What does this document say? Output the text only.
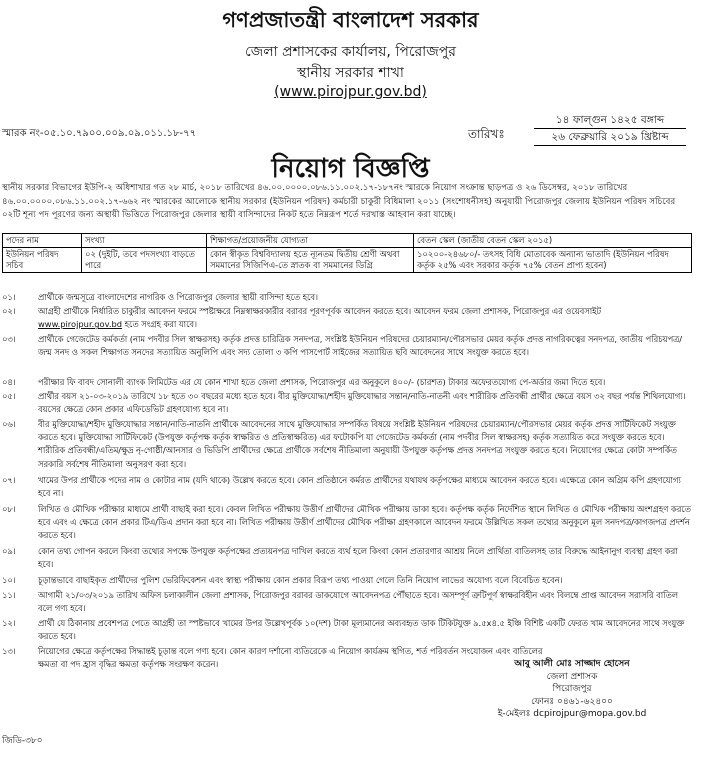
গণপ্রজাতন্ত্রী বাংলাদেশ সরকার
জেলা প্রশাসকের কার্যালয়, পিরোজপুর
স্থানীয় সরকার শাখা
(www.pirojpur.gov.bd)
স্মারক নং-০৫.১০.৭৯০০.০০৯.০৯.০১১.১৮-৭৭	তারিখঃ
১৪ ফাল্গুন ১৪২৫ বঙ্গাব্দ
২৬ ফেব্রুয়ারি ২০১৯ খ্রিষ্টাব্দ
নিয়োগ বিজ্ঞপ্তি
স্থানীয় সরকার বিভাগের ইউপি-২ অধিশাখার গত ২৮ মার্চ, ২০১৮ তারিখের ৪৬.০০.০০০০.০৮৬.১১.০০২.১৭-১৮৭নং স্মারকে নিয়োগ সংক্রান্ত ছাড়পত্র ও ২৬ ডিসেম্বর, ২০১৮ তারিখের ৪৬.০০.০০০০.০৮৬.১১.০০২.১৭-৬৬২ নং স্মারকের আলোকে স্থানীয় সরকার (ইউনিয়ন পরিষদ) কর্মচারী চাকুরী বিধিমালা ২০১১ (সংশোধনীসহ) অনুযায়ী পিরোজপুর জেলায় ইউনিয়ন পরিষদ সচিবের ০২টি শূন্য পদ পূরণের জন্য অস্থায়ী ভিত্তিতে পিরোজপুর জেলার স্থায়ী বাসিন্দাদের নিকট হতে নিম্নরূপ শর্তে দরখাস্ত আহবান করা যাচ্ছে।
পদের নাম	সংখ্যা	শিক্ষাগত/প্রয়োজনীয় যোগ্যতা	বেতন স্কেল (জাতীয় বেতন স্কেল ২০১৫)
ইউনিয়ন পরিষদ সচিব	০২ (দুইটি, তবে পদসংখ্যা বাড়তে পারে	কোন স্বীকৃত বিশ্ববিদ্যালয় হতে ন্যূনতম দ্বিতীয় শ্রেণী অথবা সমমানের সিজিপিএ-তে স্নাতক বা সমমানের ডিগ্রি	১০২০০-২৪৬৮০/- তৎসহ বিধি মোতাবেক অন্যান্য ভাতাদি (ইউনিয়ন পরিষদ কর্তৃক ২৫% এবং সরকার কর্তৃক ৭৫% বেতন প্রাপ্য হবেন)
০১।	প্রার্থীকে জন্মসূত্রে বাংলাদেশের নাগরিক ও পিরোজপুর জেলার স্থায়ী বাসিন্দা হতে হবে।
০২।	আগ্রহী প্রার্থীকে নির্ধারিত চাকুরীর আবেদন ফরমে স্পষ্টাক্ষরে নিম্নস্বাক্ষরকারীর বরাবর পূরণপূর্বক আবেদন করতে হবে। আবেদন ফরম জেলা প্রশাসক, পিরোজপুর এর ওয়েবসাইট
www.pirojpur.gov.bd হতে সংগ্রহ করা যাবে।
০৩।	প্রার্থীকে গেজেটেড কর্মকর্তা (নাম পদবীর সিল স্বাক্ষরসহ) কর্তৃক প্রদত্ত চারিত্রিক সনদপত্র, সংশ্লিষ্ট ইউনিয়ন পরিষদের চেয়ারম্যান/পৌরসভার মেয়র কর্তৃক প্রদত্ত নাগরিকত্বের সনদপত্র, জাতীয় পরিচয়পত্র/জন্ম সনদ ও সকল শিক্ষাগত সনদের সত্যায়িত অনুলিপি এবং সদ্য তোলা ৩ কপি পাসপোর্ট সাইজের সত্যায়িত ছবি আবেদনের সাথে সংযুক্ত করতে হবে।
০৪।	পরীক্ষার ফি বাবদ সোনালী ব্যাংক লিমিটেড এর যে কোন শাখা হতে জেলা প্রশাসক, পিরোজপুর এর অনুকূলে ৪০০/- (চারশত) টাকার অফেরতযোগ্য পে-অর্ডার জমা দিতে হবে।
০৫।	প্রার্থীর বয়স ২১-০৩-২০১৯ তারিখে ১৮ হতে ৩০ বছরের মধ্যে হতে হবে। বীর মুক্তিযোদ্ধা/শহীদ মুক্তিযোদ্ধার সন্তান/নাতি-নাতনী এবং শারীরিক প্রতিবন্ধী প্রার্থীর ক্ষেত্রে বয়স ৩২ বছর পর্যন্ত শিথিলযোগ্য। বয়সের ক্ষেত্রে কোন প্রকার এফিডেভিট গ্রহণযোগ্য হবে না।
০৬।	বীর মুক্তিযোদ্ধা/শহীদ মুক্তিযোদ্ধার সন্তান/নাতি-নাতনি প্রার্থীকে আবেদনের সাথে মুক্তিযোদ্ধার সম্পর্কিত বিষয়ে সংশ্লিষ্ট ইউনিয়ন পরিষদের চেয়ারম্যান/পৌরসভার মেয়র কর্তৃক প্রদত্ত সার্টিফিকেট সংযুক্ত করতে হবে। মুক্তিযোদ্ধা সার্টিফিকেট (উপযুক্ত কর্তৃপক্ষ কর্তৃক স্বাক্ষরিত ও প্রতিস্বাক্ষরিত) এর ফটোকপি যা গেজেটেড কর্মকর্তা (নাম পদবীর সিল স্বাক্ষরসহ) কর্তৃক সত্যায়িত করে সংযুক্ত করতে হবে। শারীরিক প্রতিবন্ধী/এতিম/ক্ষুদ্র নৃ-গোষ্ঠী/আনসার ও ভিডিপি প্রার্থীদের ক্ষেত্রে প্রার্থীকে সর্বশেষ নীতিমালা অনুযায়ী উপযুক্ত কর্তৃপক্ষ প্রদত্ত সনদপত্র সংযুক্ত করতে হবে। নিয়োগের ক্ষেত্রে কোটা সম্পর্কিত সরকারি সর্বশেষ নীতিমালা অনুসরণ করা হবে।
০৭।	খামের উপর প্রার্থীকে পদের নাম ও কোটার নাম (যদি থাকে) উল্লেখ করতে হবে। কোন প্রতিষ্ঠানে কর্মরত প্রার্থীদের যথাযথ কর্তৃপক্ষের মাধ্যমে আবেদন করতে হবে। এক্ষেত্রে কোন অগ্রিম কপি গ্রহণযোগ্য হবে না।
০৮।	লিখিত ও মৌখিক পরীক্ষার মাধ্যমে প্রার্থী বাছাই করা হবে। কেবল লিখিত পরীক্ষায় উত্তীর্ণ প্রার্থীদের মৌখিক পরীক্ষায় ডাকা হবে। কর্তৃপক্ষ কর্তৃক নির্দেশিত স্থানে লিখিত ও মৌখিক পরীক্ষায় অংশগ্রহণ করতে হবে এবং এ ক্ষেত্রে কোন প্রকার টিএ/ডিএ প্রদান করা হবে না। লিখিত পরীক্ষায় উত্তীর্ণ প্রার্থীদের মৌখিক পরীক্ষা গ্রহণকালে আবেদন ফরমে উল্লিখিত সকল তথ্যের অনুকূলে মূল সনদপত্র/কাগজপত্র প্রদর্শন করতে হবে।
০৯।	কোন তথ্য গোপন করলে কিংবা তথ্যের সপক্ষে উপযুক্ত কর্তৃপক্ষের প্রত্যয়নপত্র দাখিল করতে ব্যর্থ হলে কিংবা কোন প্রতারণার আশ্রয় নিলে প্রার্থিতা বাতিলসহ তার বিরুদ্ধে আইনানুগ ব্যবস্থা গ্রহণ করা হবে।
১০।	চূড়ান্তভাবে বাছাইকৃত প্রার্থীদের পুলিশ ভেরিফিকেশন এবং স্বাস্থ্য পরীক্ষায় কোন প্রকার বিরূপ তথ্য পাওয়া গেলে তিনি নিয়োগ লাভের অযোগ্য বলে বিবেচিত হবেন।
১১।	আগামী ২১/০৩/২০১৯ তারিখ অফিস চলাকালীন জেলা প্রশাসক, পিরোজপুর বরাবর ডাকযোগে আবেদনপত্র পৌঁছাতে হবে। অসম্পূর্ণ ত্রুটিপূর্ণ স্বাক্ষরবিহীন এবং বিলম্বে প্রাপ্ত আবেদন সরাসরি বাতিল বলে গণ্য হবে।
১২।	প্রার্থী যে ঠিকানায় প্রবেশপত্র পেতে আগ্রহী তা স্পষ্টভাবে খামের উপর উল্লেখপূর্বক ১০(দশ) টাকা মূল্যমানের অব্যবহৃত ডাক টিকিটযুক্ত ৯.৫x৪.৫ ইঞ্চি বিশিষ্ট একটি ফেরত খাম আবেদনের সাথে সংযুক্ত করতে হবে।
১৩।	নিয়োগের ক্ষেত্রে কর্তৃপক্ষের সিদ্ধান্তই চূড়ান্ত বলে গণ্য হবে। কোন কারণ দর্শানো ব্যতিরেকে এ নিয়োগ কার্যক্রম স্থগিত, শর্ত পরিবর্তন সংযোজন এবং বাতিলের ক্ষমতা বা পদ হ্রাস বৃদ্ধির ক্ষমতা কর্তৃপক্ষ সংরক্ষণ করেন।	আবু আলী মোঃ সাজ্জাদ হোসেন
জেলা প্রশাসক
পিরোজপুর
ফোনঃ ০৪৬১-৬২৪০০
ই-মেইলঃ dcpirojpur@mopa.gov.bd
জিডি-৩৮০
